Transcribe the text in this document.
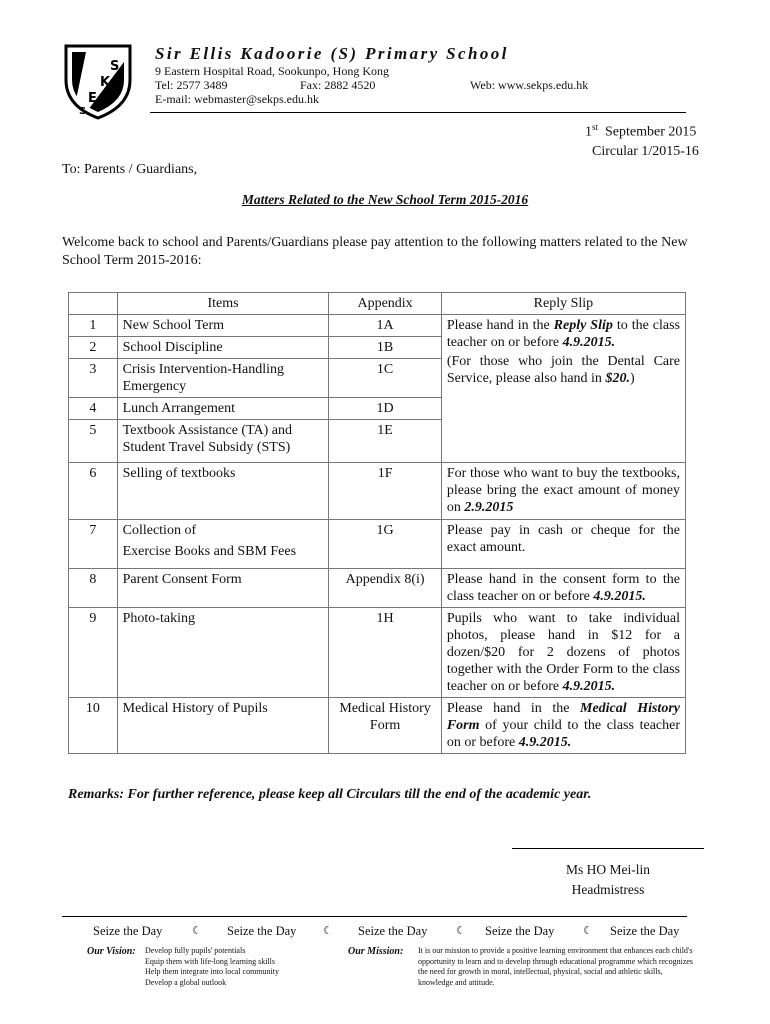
S.
K.
E.
S.
Sir Ellis Kadoorie (S) Primary School
9 Eastern Hospital Road, Sookunpo, Hong Kong
Tel: 2577 3489	Fax: 2882 4520	Web: www.sekps.edu.hk
E-mail: webmaster@sekps.edu.hk
1st September 2015
Circular 1/2015-16
To: Parents / Guardians,
Matters Related to the New School Term 2015-2016
Welcome back to school and Parents/Guardians please pay attention to the following matters related to the New School Term 2015-2016:
	Items	Appendix	Reply Slip
1	New School Term	1A	Please hand in the Reply Slip to the class teacher on or before 4.9.2015.
(For those who join the Dental Care Service, please also hand in $20.)

2	School Discipline	1B	
3	Crisis Intervention-Handling Emergency	1C	
4	Lunch Arrangement	1D	
5	Textbook Assistance (TA) and Student Travel Subsidy (STS)	1E	
6	Selling of textbooks	1F	For those who want to buy the textbooks, please bring the exact amount of money on 2.9.2015
7	Collection of
Exercise Books and SBM Fees	1G	Please pay in cash or cheque for the exact amount.
8	Parent Consent Form	Appendix 8(i)	Please hand in the consent form to the class teacher on or before 4.9.2015.
9	Photo-taking	1H	Pupils who want to take individual photos, please hand in $12 for a dozen/$20 for 2 dozens of photos together with the Order Form to the class teacher on or before 4.9.2015.
10	Medical History of Pupils	Medical History Form	Please hand in the Medical History Form of your child to the class teacher on or before 4.9.2015.
Remarks: For further reference, please keep all Circulars till the end of the academic year.
Ms HO Mei-lin
Headmistress
Seize the Day	☾ Seize the Day ☾ Seize the Day	☾ Seize the Day	☾ Seize the Day
Our Vision: Develop fully pupils' potentials
Equip them with life-long learning skills
Help them integrate into local community
Develop a global outlook
Our Mission: It is our mission to provide a positive learning environment that enhances each child's
opportunity to learn and to develop through educational programme which recognizes
the need for growth in moral, intellectual, physical, social and athletic skills,
knowledge and attitude.
